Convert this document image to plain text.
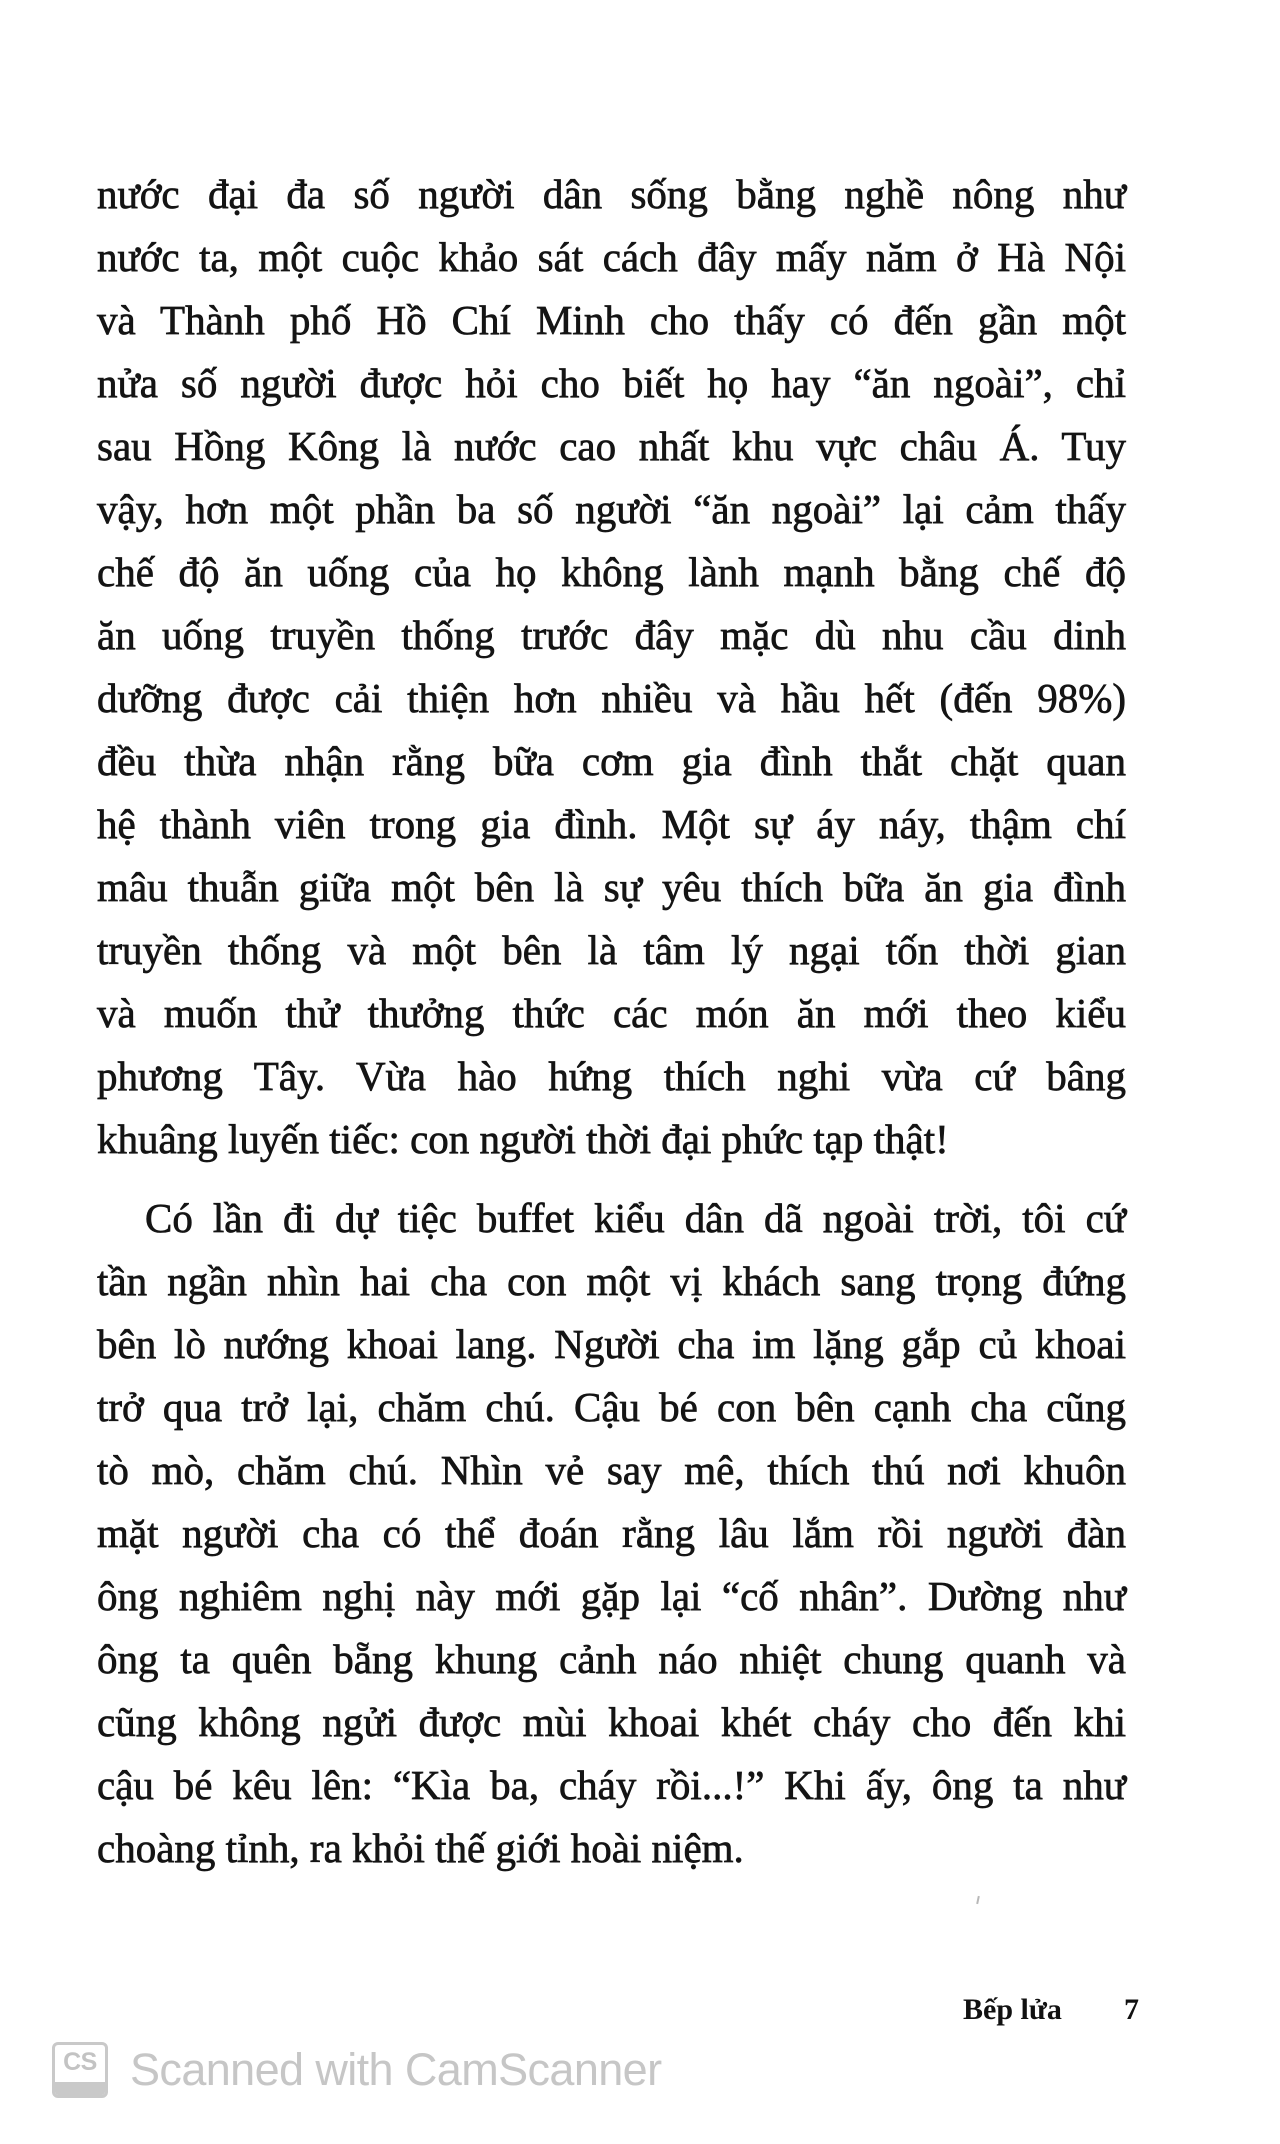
nước đại đa số người dân sống bằng nghề nông như
nước ta, một cuộc khảo sát cách đây mấy năm ở Hà Nội
và Thành phố Hồ Chí Minh cho thấy có đến gần một
nửa số người được hỏi cho biết họ hay “ăn ngoài”, chỉ
sau Hồng Kông là nước cao nhất khu vực châu Á. Tuy
vậy, hơn một phần ba số người “ăn ngoài” lại cảm thấy
chế độ ăn uống của họ không lành mạnh bằng chế độ
ăn uống truyền thống trước đây mặc dù nhu cầu dinh
dưỡng được cải thiện hơn nhiều và hầu hết (đến 98%)
đều thừa nhận rằng bữa cơm gia đình thắt chặt quan
hệ thành viên trong gia đình. Một sự áy náy, thậm chí
mâu thuẫn giữa một bên là sự yêu thích bữa ăn gia đình
truyền thống và một bên là tâm lý ngại tốn thời gian
và muốn thử thưởng thức các món ăn mới theo kiểu
phương Tây. Vừa hào hứng thích nghi vừa cứ bâng
khuâng luyến tiếc: con người thời đại phức tạp thật!
Có lần đi dự tiệc buffet kiểu dân dã ngoài trời, tôi cứ
tần ngần nhìn hai cha con một vị khách sang trọng đứng
bên lò nướng khoai lang. Người cha im lặng gắp củ khoai
trở qua trở lại, chăm chú. Cậu bé con bên cạnh cha cũng
tò mò, chăm chú. Nhìn vẻ say mê, thích thú nơi khuôn
mặt người cha có thể đoán rằng lâu lắm rồi người đàn
ông nghiêm nghị này mới gặp lại “cố nhân”. Dường như
ông ta quên bẵng khung cảnh náo nhiệt chung quanh và
cũng không ngửi được mùi khoai khét cháy cho đến khi
cậu bé kêu lên: “Kìa ba, cháy rồi...!” Khi ấy, ông ta như
choàng tỉnh, ra khỏi thế giới hoài niệm.
Bếp lửa 7
CS Scanned with CamScanner
